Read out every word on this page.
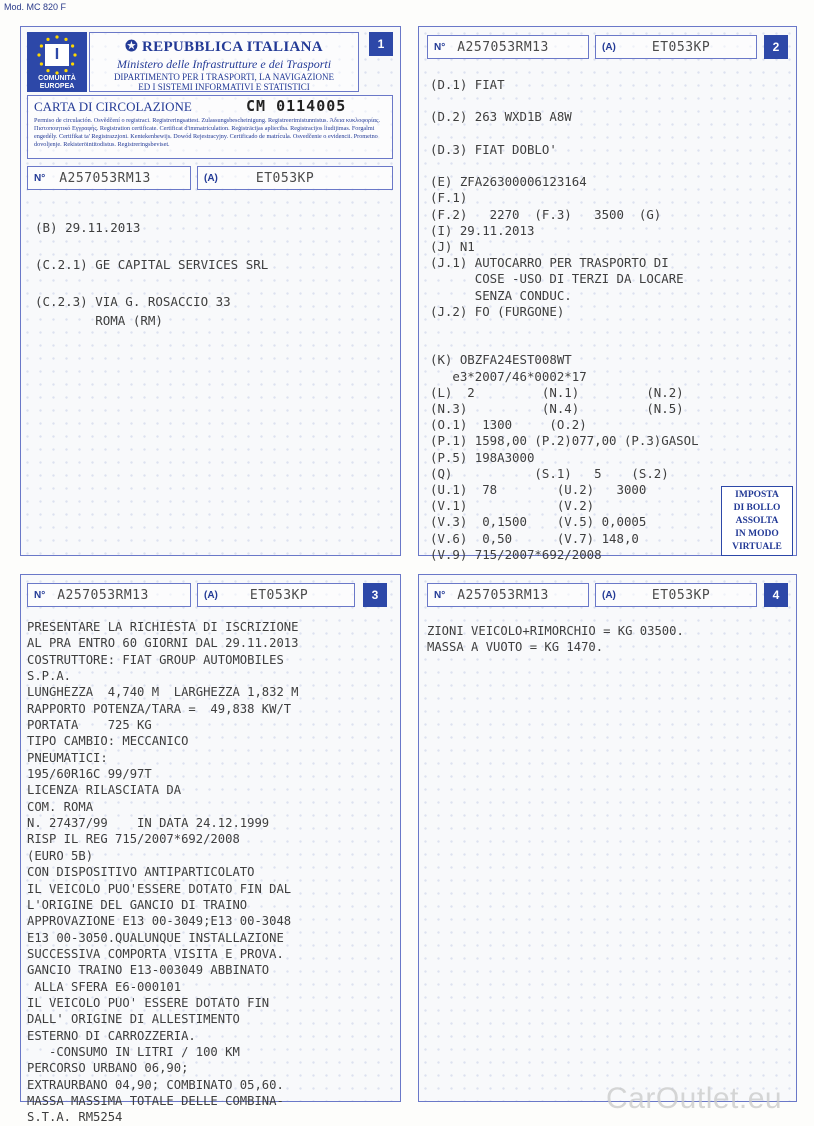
Mod. MC 820 F
I
COMUNITÀ
EUROPEA
✪ REPUBBLICA ITALIANA
Ministero delle Infrastrutture e dei Trasporti
DIPARTIMENTO PER I TRASPORTI, LA NAVIGAZIONE
ED I SISTEMI INFORMATIVI E STATISTICI
1
CARTA DI CIRCOLAZIONE	CM 0114005
Permiso de circulación. Osvědčení o registraci. Registreringsattest. Zulassungsbescheinigung. Registreerimistunnistus. Άδεια κυκλοφορίας. Πιστοποιητικό Εγγραφής. Registration certificate. Certificat d'immatriculation. Reģistrācijas apliecība. Registracijos liudijimas. Forgalmi engedély. Certifikat ta' Registrazzjoni. Kentekenbewijs. Dowód Rejestracyjny. Certificado de matrícula. Osvedčenie o evidencii. Prometno dovoljenje. Rekisteröintitodistus. Registreringsbeviset.
N° A257053RM13	(A)	ET053KP
(B) 29.11.2013

(C.2.1) GE CAPITAL SERVICES SRL

(C.2.3) VIA G. ROSACCIO 33
ROMA (RM)
N° A257053RM13	(A)	ET053KP	2
(D.1) FIAT

(D.2) 263 WXD1B A8W

(D.3) FIAT DOBLO'

(E) ZFA26300006123164
(F.1)
(F.2)   2270  (F.3)   3500  (G)
(I) 29.11.2013
(J) N1
(J.1) AUTOCARRO PER TRASPORTO DI
COSE -USO DI TERZI DA LOCARE
SENZA CONDUC.
(J.2) FO (FURGONE)

(K) OBZFA24EST008WT
e3*2007/46*0002*17
(L)  2         (N.1)         (N.2)
(N.3)          (N.4)         (N.5)
(O.1)  1300     (O.2)
(P.1) 1598,00 (P.2)077,00 (P.3)GASOL
(P.5) 198A3000
(Q)           (S.1)   5    (S.2)
(U.1)  78        (U.2)   3000
(V.1)            (V.2)
(V.3)  0,1500    (V.5) 0,0005
(V.6)  0,50      (V.7) 148,0
(V.9) 715/2007*692/2008
IMPOSTA
DI BOLLO
ASSOLTA
IN MODO
VIRTUALE
N° A257053RM13	(A) ET053KP	3
PRESENTARE LA RICHIESTA DI ISCRIZIONE
AL PRA ENTRO 60 GIORNI DAL 29.11.2013
COSTRUTTORE: FIAT GROUP AUTOMOBILES
S.P.A.
LUNGHEZZA  4,740 M  LARGHEZZA 1,832 M
RAPPORTO POTENZA/TARA =  49,838 KW/T
PORTATA    725 KG
TIPO CAMBIO: MECCANICO
PNEUMATICI:
195/60R16C 99/97T
LICENZA RILASCIATA DA
COM. ROMA
N. 27437/99    IN DATA 24.12.1999
RISP IL REG 715/2007*692/2008
(EURO 5B)
CON DISPOSITIVO ANTIPARTICOLATO
IL VEICOLO PUO'ESSERE DOTATO FIN DAL
L'ORIGINE DEL GANCIO DI TRAINO
APPROVAZIONE E13 00-3049;E13 00-3048
E13 00-3050.QUALUNQUE INSTALLAZIONE
SUCCESSIVA COMPORTA VISITA E PROVA.
GANCIO TRAINO E13-003049 ABBINATO
ALLA SFERA E6-000101
IL VEICOLO PUO' ESSERE DOTATO FIN
DALL' ORIGINE DI ALLESTIMENTO
ESTERNO DI CARROZZERIA.
-CONSUMO IN LITRI / 100 KM
PERCORSO URBANO 06,90;
EXTRAURBANO 04,90; COMBINATO 05,60.
MASSA MASSIMA TOTALE DELLE COMBINA-
S.T.A. RM5254
N° A257053RM13	(A)	ET053KP	4
ZIONI VEICOLO+RIMORCHIO = KG 03500.
MASSA A VUOTO = KG 1470.
CarOutlet.eu
